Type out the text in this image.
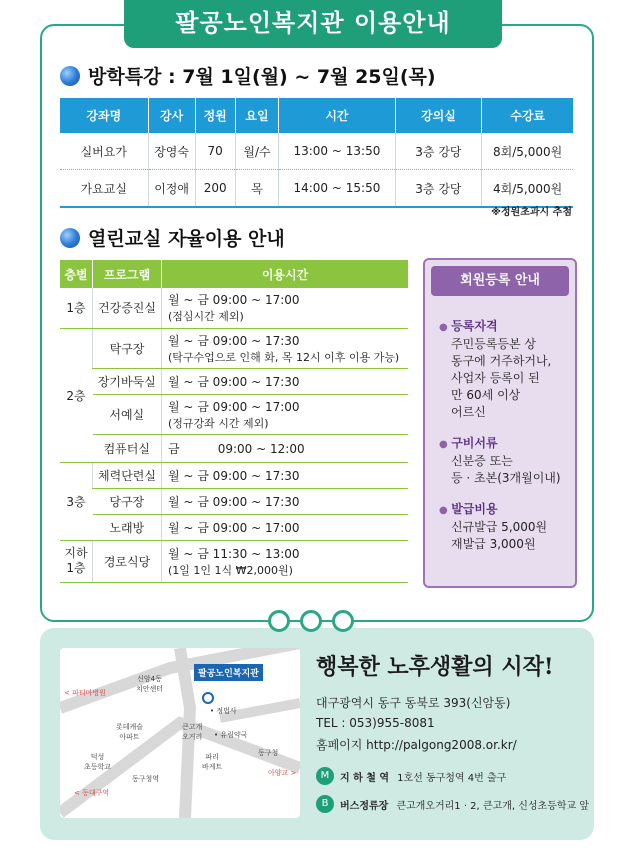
팔공노인복지관 이용안내
방학특강 : 7월 1일(월) ~ 7월 25일(목)
강좌명	강사	정원	요일	시간	강의실	수강료
실버요가	장영숙	70	월/수	13:00 ~ 13:50	3층 강당	8회/5,000원
가요교실	이정애	200	목	14:00 ~ 15:50	3층 강당	4회/5,000원
※정원초과시 추첨
열린교실 자율이용 안내
층별	프로그램	이용시간
1층	건강증진실	월 ~ 금 09:00 ~ 17:00
(점심시간 제외)

2층	탁구장	월 ~ 금 09:00 ~ 17:30
(탁구수업으로 인해 화, 목 12시 이후 이용 가능)

	장기바둑실	월 ~ 금 09:00 ~ 17:30
	서예실	월 ~ 금 09:00 ~ 17:00
(정규강좌 시간 제외)

	컴퓨터실	금          09:00 ~ 12:00
3층	체력단련실	월 ~ 금 09:00 ~ 17:30
	당구장	월 ~ 금 09:00 ~ 17:30
	노래방	월 ~ 금 09:00 ~ 17:00
지하
1층	경로식당	월 ~ 금 11:30 ~ 13:00
(1일 1인 1식 ₩2,000원)
회원등록 안내
● 등록자격
주민등록등본 상
동구에 거주하거나,
사업자 등록이 된
만 60세 이상
어르신
● 구비서류
신분증 또는
등 · 초본(3개월이내)
● 발급비용
신규발급 5,000원
재발급 3,000원
팔공노인복지관
신암4동
치안센터
< 파티마병원
• 정법사
롯데캐슬
아파트
큰고개
오거리 • 유림약국
덕성
초등학교
파리
바게트
동구청
동구청역
< 동대구역
아양교 >
행복한 노후생활의 시작!
대구광역시 동구 동북로 393(신암동)
TEL : 053)955-8081
홈페이지 http://palgong2008.or.kr/
M	지 하 철 역 1호선 동구청역 4번 출구
B	버스정류장 큰고개오거리1 · 2, 큰고개, 신성초등학교 앞
